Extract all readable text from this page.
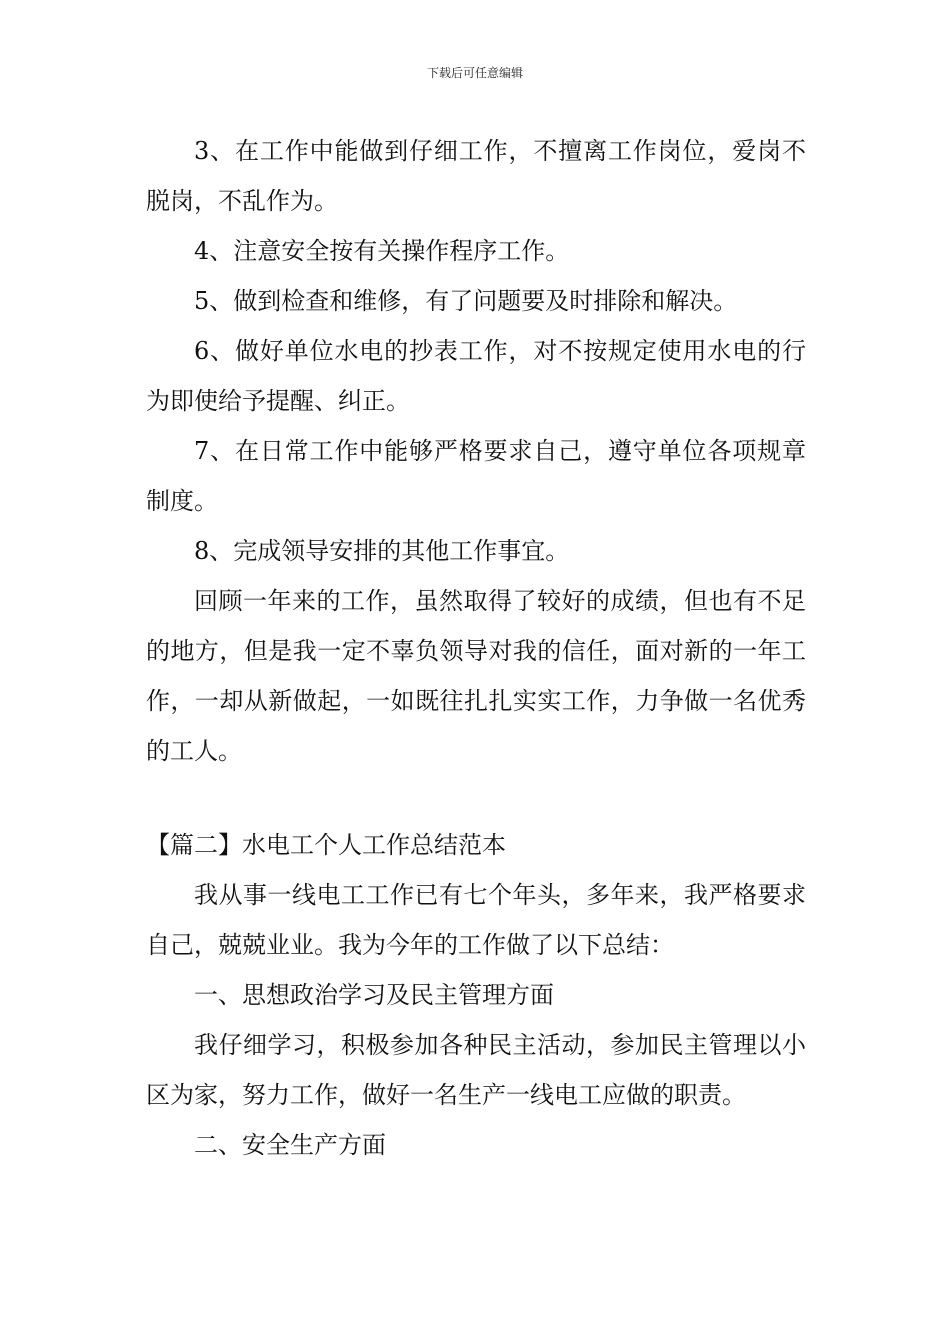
下载后可任意编辑

3、在工作中能做到仔细工作，不擅离工作岗位，爱岗不脱岗，不乱作为。

4、注意安全按有关操作程序工作。

5、做到检查和维修，有了问题要及时排除和解决。

6、做好单位水电的抄表工作，对不按规定使用水电的行为即使给予提醒、纠正。

7、在日常工作中能够严格要求自己，遵守单位各项规章制度。

8、完成领导安排的其他工作事宜。

回顾一年来的工作，虽然取得了较好的成绩，但也有不足的地方，但是我一定不辜负领导对我的信任，面对新的一年工作，一却从新做起，一如既往扎扎实实工作，力争做一名优秀的工人。

【篇二】水电工个人工作总结范本

我从事一线电工工作已有七个年头，多年来，我严格要求自己，兢兢业业。我为今年的工作做了以下总结：

一、思想政治学习及民主管理方面

我仔细学习，积极参加各种民主活动，参加民主管理以小区为家，努力工作，做好一名生产一线电工应做的职责。

二、安全生产方面
